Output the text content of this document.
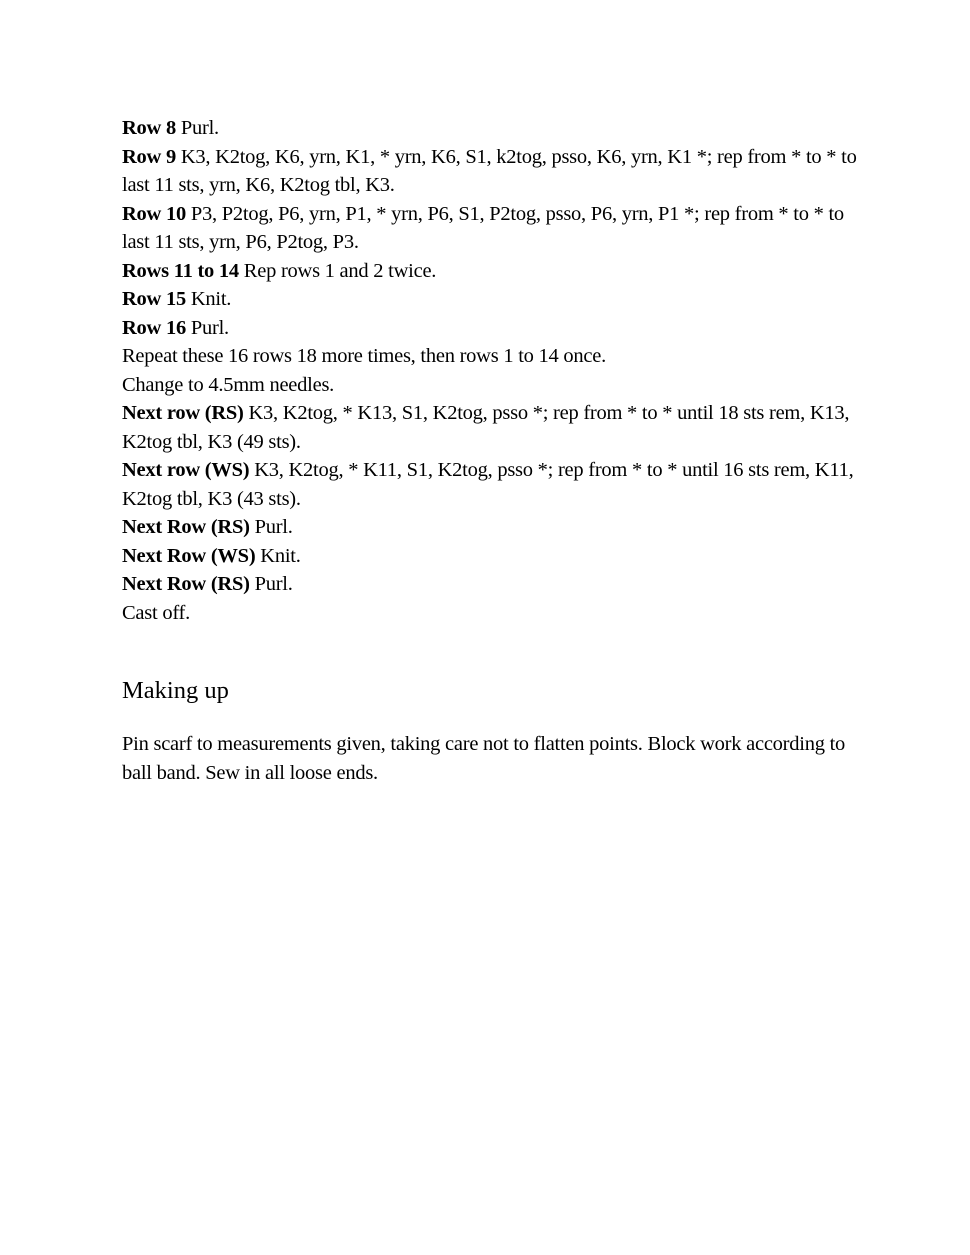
Row 8 Purl.
Row 9 K3, K2tog, K6, yrn, K1, * yrn, K6, S1, k2tog, psso, K6, yrn, K1 *; rep from * to * to last 11 sts, yrn, K6, K2tog tbl, K3.
Row 10 P3, P2tog, P6, yrn, P1, * yrn, P6, S1, P2tog, psso, P6, yrn, P1 *; rep from * to * to last 11 sts, yrn, P6, P2tog, P3.
Rows 11 to 14 Rep rows 1 and 2 twice.
Row 15 Knit.
Row 16 Purl.
Repeat these 16 rows 18 more times, then rows 1 to 14 once.
Change to 4.5mm needles.
Next row (RS) K3, K2tog, * K13, S1, K2tog, psso *; rep from * to * until 18 sts rem, K13, K2tog tbl, K3 (49 sts).
Next row (WS) K3, K2tog, * K11, S1, K2tog, psso *; rep from * to * until 16 sts rem, K11, K2tog tbl, K3 (43 sts).
Next Row (RS) Purl.
Next Row (WS) Knit.
Next Row (RS) Purl.
Cast off.
Making up

Pin scarf to measurements given, taking care not to flatten points. Block work according to ball band. Sew in all loose ends.
